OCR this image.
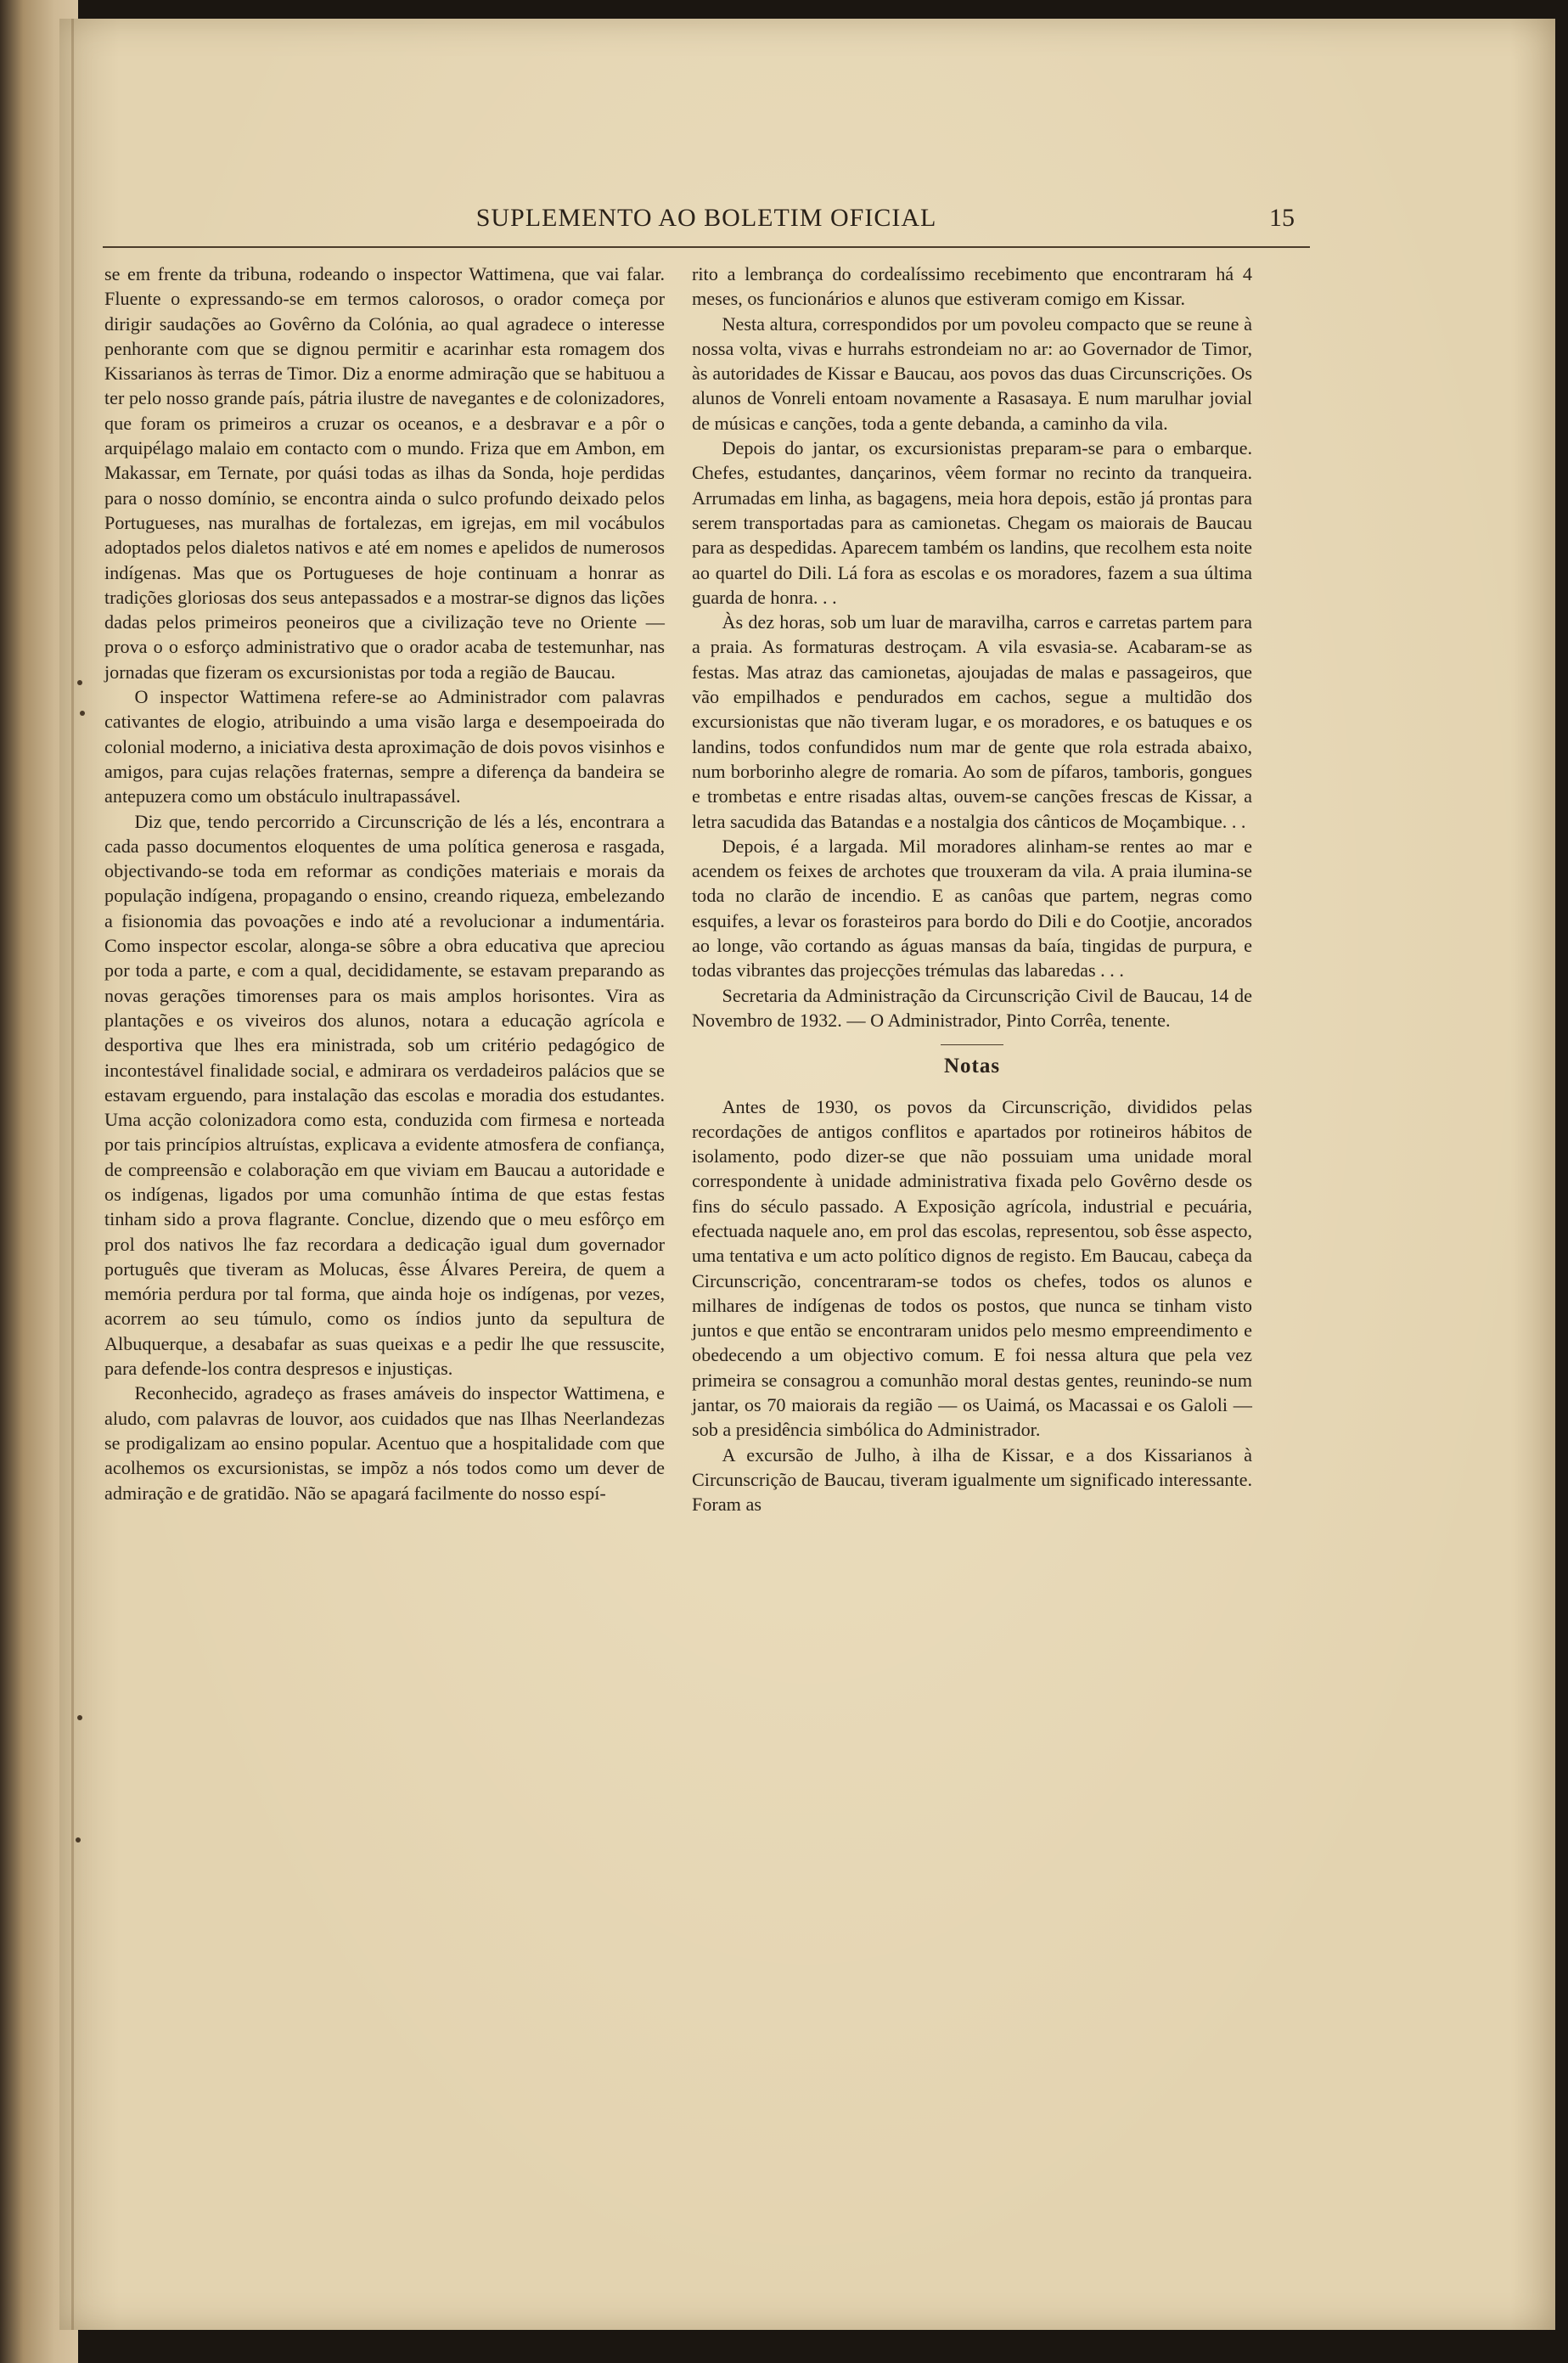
SUPLEMENTO AO BOLETIM OFICIAL	15

se em frente da tribuna, rodeando o inspector Wattimena, que vai falar. Fluente o expressando-se em termos calorosos, o orador começa por dirigir saudações ao Govêrno da Colónia, ao qual agradece o interesse penhorante com que se dignou permitir e acarinhar esta romagem dos Kissarianos às terras de Timor. Diz a enorme admiração que se habituou a ter pelo nosso grande país, pátria ilustre de navegantes e de colonizadores, que foram os primeiros a cruzar os oceanos, e a desbravar e a pôr o arquipélago malaio em contacto com o mundo. Friza que em Ambon, em Makassar, em Ternate, por quási todas as ilhas da Sonda, hoje perdidas para o nosso domínio, se encontra ainda o sulco profundo deixado pelos Portugueses, nas muralhas de fortalezas, em igrejas, em mil vocábulos adoptados pelos dialetos nativos e até em nomes e apelidos de numerosos indígenas. Mas que os Portugueses de hoje continuam a honrar as tradições gloriosas dos seus antepassados e a mostrar-se dignos das lições dadas pelos primeiros peoneiros que a civilização teve no Oriente — prova o o esforço administrativo que o orador acaba de testemunhar, nas jornadas que fizeram os excursionistas por toda a região de Baucau.

O inspector Wattimena refere-se ao Administrador com palavras cativantes de elogio, atribuindo a uma visão larga e desempoeirada do colonial moderno, a iniciativa desta aproximação de dois povos visinhos e amigos, para cujas relações fraternas, sempre a diferença da bandeira se antepuzera como um obstáculo inultrapassável.

Diz que, tendo percorrido a Circunscrição de lés a lés, encontrara a cada passo documentos eloquentes de uma política generosa e rasgada, objectivando-se toda em reformar as condições materiais e morais da população indígena, propagando o ensino, creando riqueza, embelezando a fisionomia das povoações e indo até a revolucionar a indumentária. Como inspector escolar, alonga-se sôbre a obra educativa que apreciou por toda a parte, e com a qual, decididamente, se estavam preparando as novas gerações timorenses para os mais amplos horisontes. Vira as plantações e os viveiros dos alunos, notara a educação agrícola e desportiva que lhes era ministrada, sob um critério pedagógico de incontestável finalidade social, e admirara os verdadeiros palácios que se estavam erguendo, para instalação das escolas e moradia dos estudantes. Uma acção colonizadora como esta, conduzida com firmesa e norteada por tais princípios altruístas, explicava a evidente atmosfera de confiança, de compreensão e colaboração em que viviam em Baucau a autoridade e os indígenas, ligados por uma comunhão íntima de que estas festas tinham sido a prova flagrante. Conclue, dizendo que o meu esfôrço em prol dos nativos lhe faz recordara a dedicação igual dum governador português que tiveram as Molucas, êsse Álvares Pereira, de quem a memória perdura por tal forma, que ainda hoje os indígenas, por vezes, acorrem ao seu túmulo, como os índios junto da sepultura de Albuquerque, a desabafar as suas queixas e a pedir lhe que ressuscite, para defende-los contra despresos e injustiças.

Reconhecido, agradeço as frases amáveis do inspector Wattimena, e aludo, com palavras de louvor, aos cuidados que nas Ilhas Neerlandezas se prodigalizam ao ensino popular. Acentuo que a hospitalidade com que acolhemos os excursionistas, se impõz a nós todos como um dever de admiração e de gratidão. Não se apagará facilmente do nosso espí-

rito a lembrança do cordealíssimo recebimento que encontraram há 4 meses, os funcionários e alunos que estiveram comigo em Kissar.

Nesta altura, correspondidos por um povoleu compacto que se reune à nossa volta, vivas e hurrahs estrondeiam no ar: ao Governador de Timor, às autoridades de Kissar e Baucau, aos povos das duas Circunscrições. Os alunos de Vonreli entoam novamente a Rasasaya. E num marulhar jovial de músicas e canções, toda a gente debanda, a caminho da vila.

Depois do jantar, os excursionistas preparam-se para o embarque. Chefes, estudantes, dançarinos, vêem formar no recinto da tranqueira. Arrumadas em linha, as bagagens, meia hora depois, estão já prontas para serem transportadas para as camionetas. Chegam os maiorais de Baucau para as despedidas. Aparecem também os landins, que recolhem esta noite ao quartel do Dili. Lá fora as escolas e os moradores, fazem a sua última guarda de honra. . .

Às dez horas, sob um luar de maravilha, carros e carretas partem para a praia. As formaturas destroçam. A vila esvasia-se. Acabaram-se as festas. Mas atraz das camionetas, ajoujadas de malas e passageiros, que vão empilhados e pendurados em cachos, segue a multidão dos excursionistas que não tiveram lugar, e os moradores, e os batuques e os landins, todos confundidos num mar de gente que rola estrada abaixo, num borborinho alegre de romaria. Ao som de pífaros, tamboris, gongues e trombetas e entre risadas altas, ouvem-se canções frescas de Kissar, a letra sacudida das Batandas e a nostalgia dos cânticos de Moçambique. . .

Depois, é a largada. Mil moradores alinham-se rentes ao mar e acendem os feixes de archotes que trouxeram da vila. A praia ilumina-se toda no clarão de incendio. E as canôas que partem, negras como esquifes, a levar os forasteiros para bordo do Dili e do Cootjie, ancorados ao longe, vão cortando as águas mansas da baía, tingidas de purpura, e todas vibrantes das projecções trémulas das labaredas . . .

Secretaria da Administração da Circunscrição Civil de Baucau, 14 de Novembro de 1932. — O Administrador, Pinto Corrêa, tenente.

Notas

Antes de 1930, os povos da Circunscrição, divididos pelas recordações de antigos conflitos e apartados por rotineiros hábitos de isolamento, podo dizer-se que não possuiam uma unidade moral correspondente à unidade administrativa fixada pelo Govêrno desde os fins do século passado. A Exposição agrícola, industrial e pecuária, efectuada naquele ano, em prol das escolas, representou, sob êsse aspecto, uma tentativa e um acto político dignos de registo. Em Baucau, cabeça da Circunscrição, concentraram-se todos os chefes, todos os alunos e milhares de indígenas de todos os postos, que nunca se tinham visto juntos e que então se encontraram unidos pelo mesmo empreendimento e obedecendo a um objectivo comum. E foi nessa altura que pela vez primeira se consagrou a comunhão moral destas gentes, reunindo-se num jantar, os 70 maiorais da região — os Uaimá, os Macassai e os Galoli — sob a presidência simbólica do Administrador.

A excursão de Julho, à ilha de Kissar, e a dos Kissarianos à Circunscrição de Baucau, tiveram igualmente um significado interessante. Foram as
